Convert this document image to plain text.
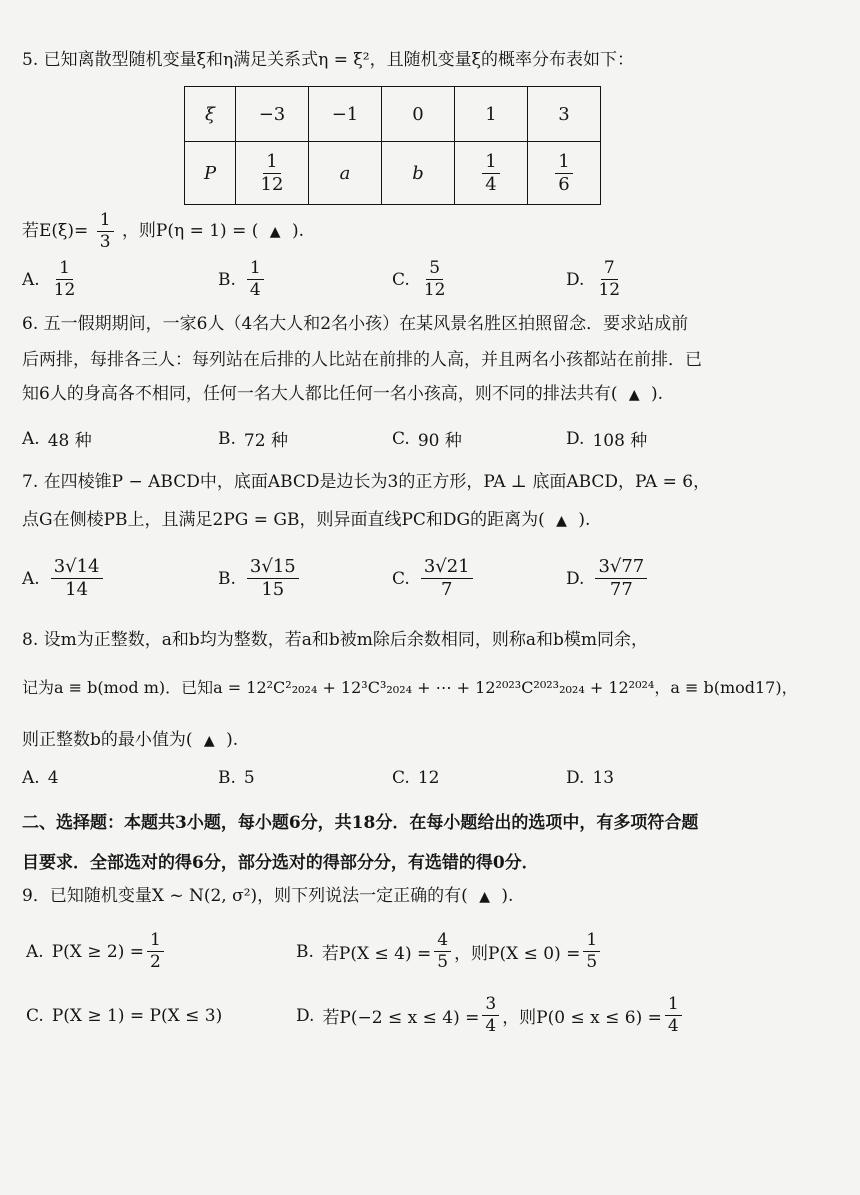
5. 已知离散型随机变量ξ和η满足关系式η = ξ²，且随机变量ξ的概率分布表如下：
ξ	−3	−1	0	1	3
P	$\frac{1}{12}$	a	b	$\frac{1}{4}$	$\frac{1}{6}$
若$E(\xi)= \frac{1}{3}$ ，则P(η = 1) = ( ▲ ).
A. $\frac{1}{12}$	B. $\frac{1}{4}$	C. $\frac{5}{12}$	D. $\frac{7}{12}$
6. 五一假期期间，一家6人（4名大人和2名小孩）在某风景名胜区拍照留念．要求站成前
后两排，每排各三人：每列站在后排的人比站在前排的人高，并且两名小孩都站在前排．已
知6人的身高各不相同，任何一名大人都比任何一名小孩高，则不同的排法共有( ▲ ).
A. 48 种	B. 72 种	C. 90 种	D. 108 种
7. 在四棱锥P − ABCD中，底面ABCD是边长为3的正方形，PA ⊥ 底面ABCD，PA = 6，
点G在侧棱PB上，且满足2PG = GB，则异面直线PC和DG的距离为( ▲ ).
A. $\frac{3√14}{14}$	B. $\frac{3√15}{15}$	C. $\frac{3√21}{7}$	D. $\frac{3√77}{77}$
8. 设m为正整数，a和b均为整数，若a和b被m除后余数相同，则称a和b模m同余，
记为a ≡ b(mod m)．已知a = 12²C²₂₀₂₄ + 12³C³₂₀₂₄ + ⋯ + 12²⁰²³C²⁰²³₂₀₂₄ + 12²⁰²⁴，a ≡ b(mod17)，
则正整数b的最小值为( ▲ ).
A. 4	B. 5	C. 12	D. 13
二、选择题：本题共3小题，每小题6分，共18分．在每小题给出的选项中，有多项符合题
目要求．全部选对的得6分，部分选对的得部分分，有选错的得0分．
9．已知随机变量X ~ N(2, σ²)，则下列说法一定正确的有( ▲ ).
A. $P(X \ge 2) = \frac{1}{2}$	B. 若$P(X \le 4) = \frac{4}{5}$ ，则$P(X \le 0) = \frac{1}{5}$
C. P(X ≥ 1) = P(X ≤ 3)	D. 若$P(-2 \le x \le 4) = \frac{3}{4}$ ，则$P(0 \le x \le 6) = \frac{1}{4}$
